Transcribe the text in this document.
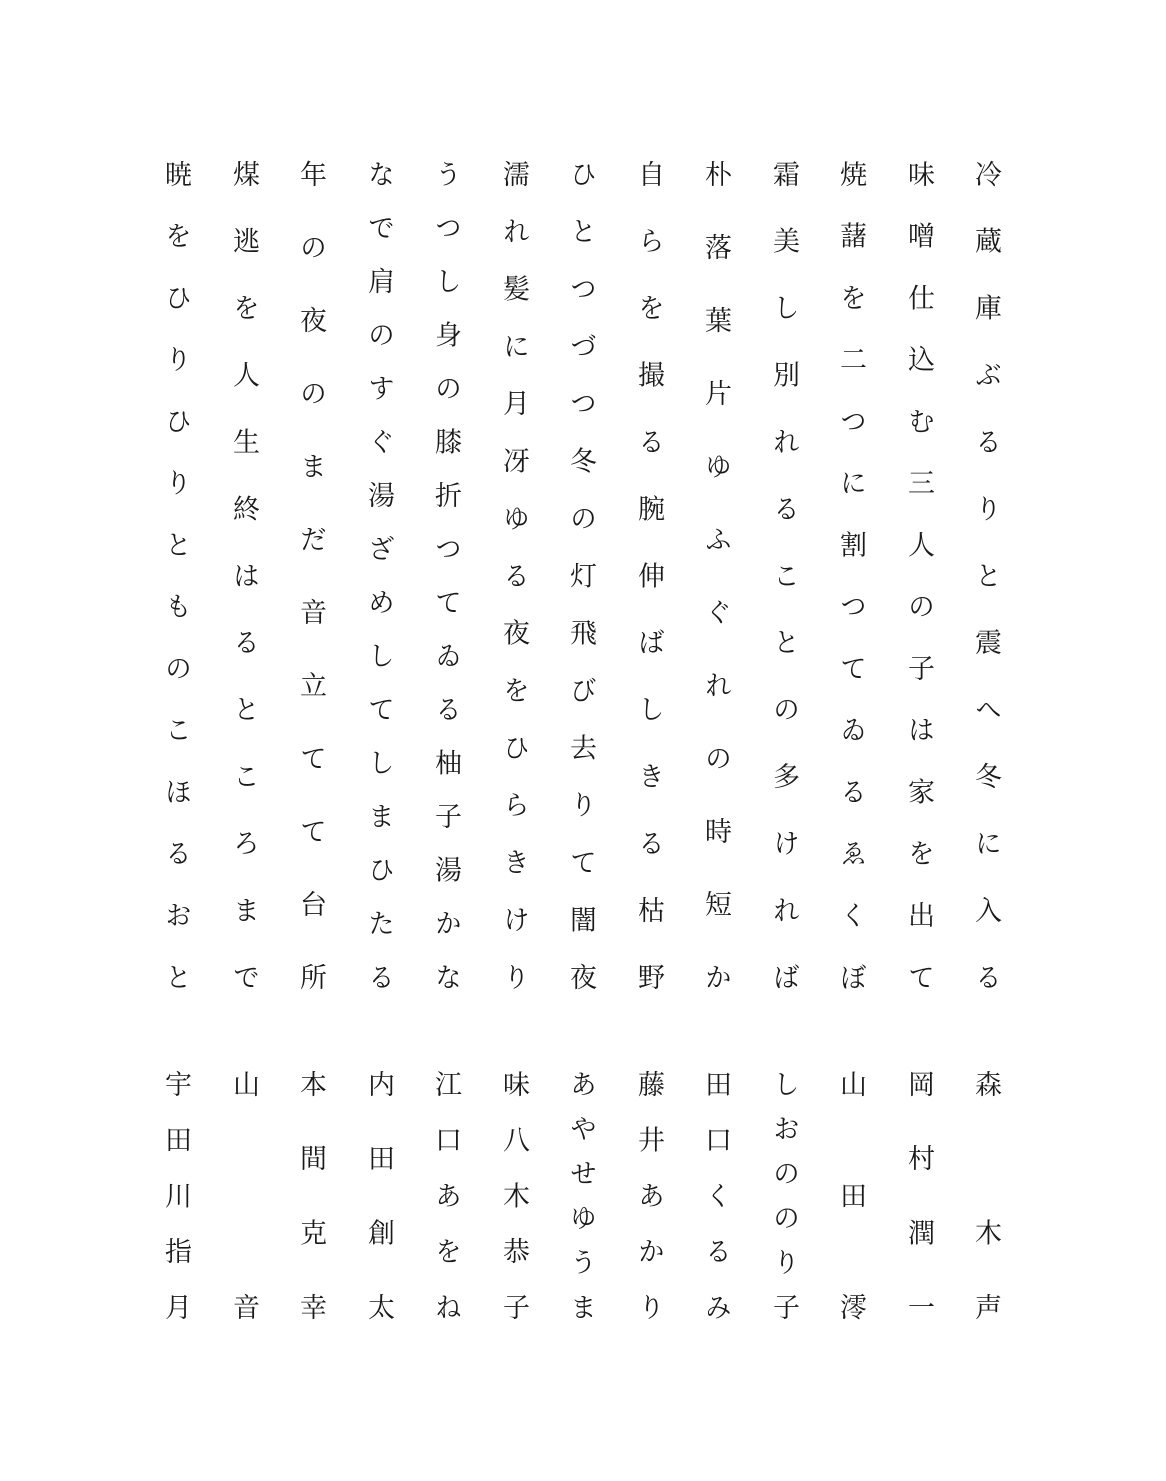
冷蔵庫ぶるりと震へ冬に入る
森　木声
味噌仕込む三人の子は家を出て
岡村潤一
焼藷を二つに割つてゐるゑくぼ
山田澪
霜美し別れることの多ければ
しおののり子
朴落葉片ゆふぐれの時短か
田口くるみ
自らを撮る腕伸ばしきる枯野
藤井あかり
ひとつづつ冬の灯飛び去りて闇夜
あやせゆうま
濡れ髪に月冴ゆる夜をひらきけり
味八木恭子
うつし身の膝折つてゐる柚子湯かな
江口あをね
なで肩のすぐ湯ざめしてしまひたる
内田創太
年の夜のまだ音立てて台所
本間克幸
煤逃を人生終はるところまで
山音
暁をひりひりとものこほるおと
宇田川指月
